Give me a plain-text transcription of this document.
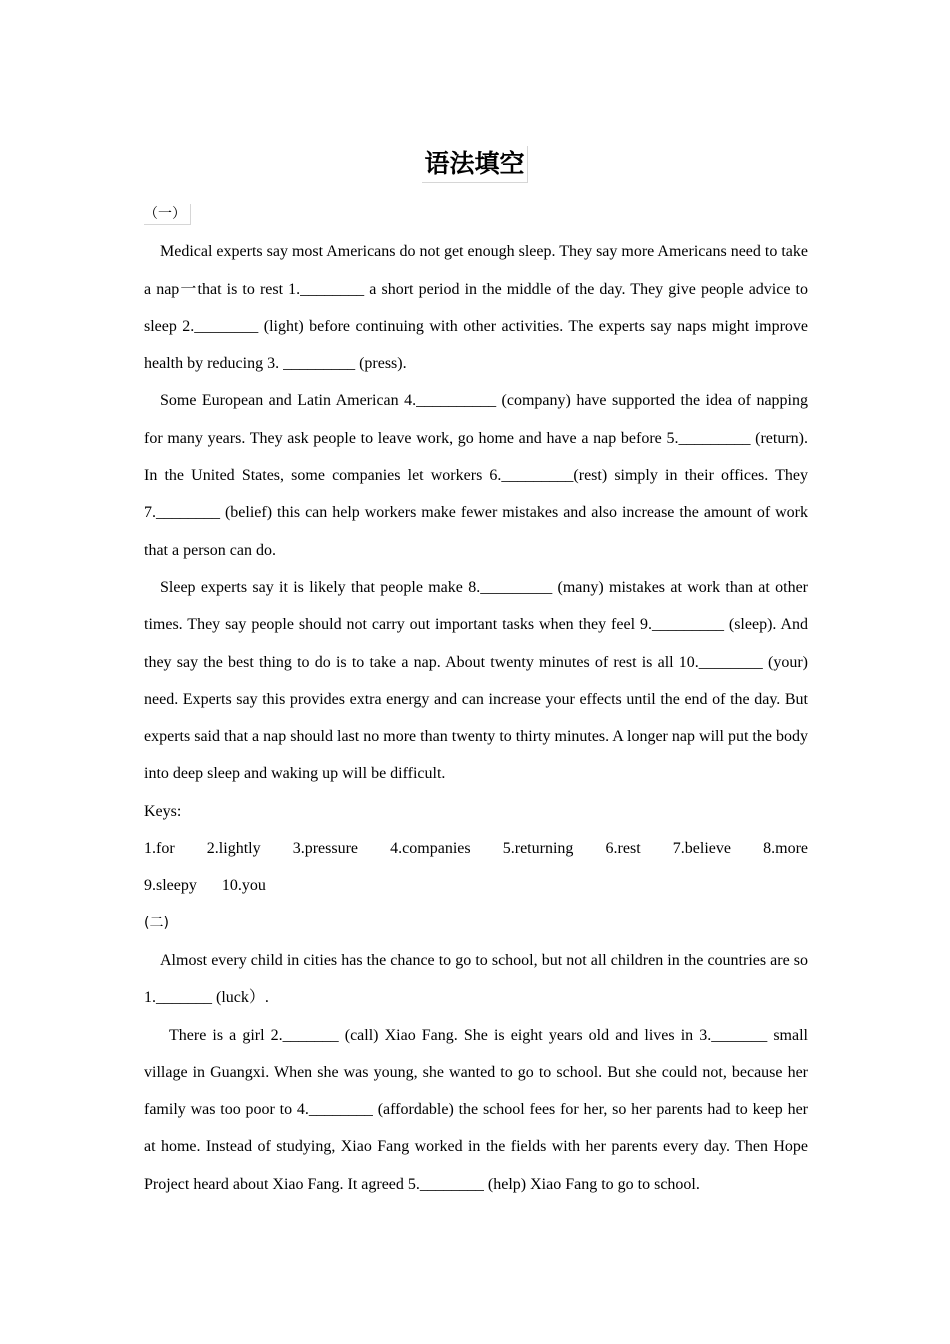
语法填空
（一）

Medical experts say most Americans do not get enough sleep. They say more Americans need to take a nap一that is to rest 1.________ a short period in the middle of the day. They give people advice to sleep 2.________ (light) before continuing with other activities. The experts say naps might improve health by reducing 3. _________ (press).

Some European and Latin American 4.__________ (company) have supported the idea of napping for many years. They ask people to leave work, go home and have a nap before 5._________ (return). In the United States, some companies let workers 6._________(rest) simply in their offices. They 7.________ (belief) this can help workers make fewer mistakes and also increase the amount of work that a person can do.

Sleep experts say it is likely that people make 8._________ (many) mistakes at work than at other times. They say people should not carry out important tasks when they feel 9._________ (sleep). And they say the best thing to do is to take a nap. About twenty minutes of rest is all 10.________ (your) need. Experts say this provides extra energy and can increase your effects until the end of the day. But experts said that a nap should last no more than twenty to thirty minutes. A longer nap will put the body into deep sleep and waking up will be difficult.

Keys:

1.for 2.lightly 3.pressure 4.companies 5.returning 6.rest 7.believe 8.more
9.sleepy 10.you
(二)

Almost every child in cities has the chance to go to school, but not all children in the countries are so 1._______ (luck）.

There is a girl 2._______ (call) Xiao Fang. She is eight years old and lives in 3._______ small village in Guangxi. When she was young, she wanted to go to school. But she could not, because her family was too poor to 4.________ (affordable) the school fees for her, so her parents had to keep her at home. Instead of studying, Xiao Fang worked in the fields with her parents every day. Then Hope Project heard about Xiao Fang. It agreed 5.________ (help) Xiao Fang to go to school.
